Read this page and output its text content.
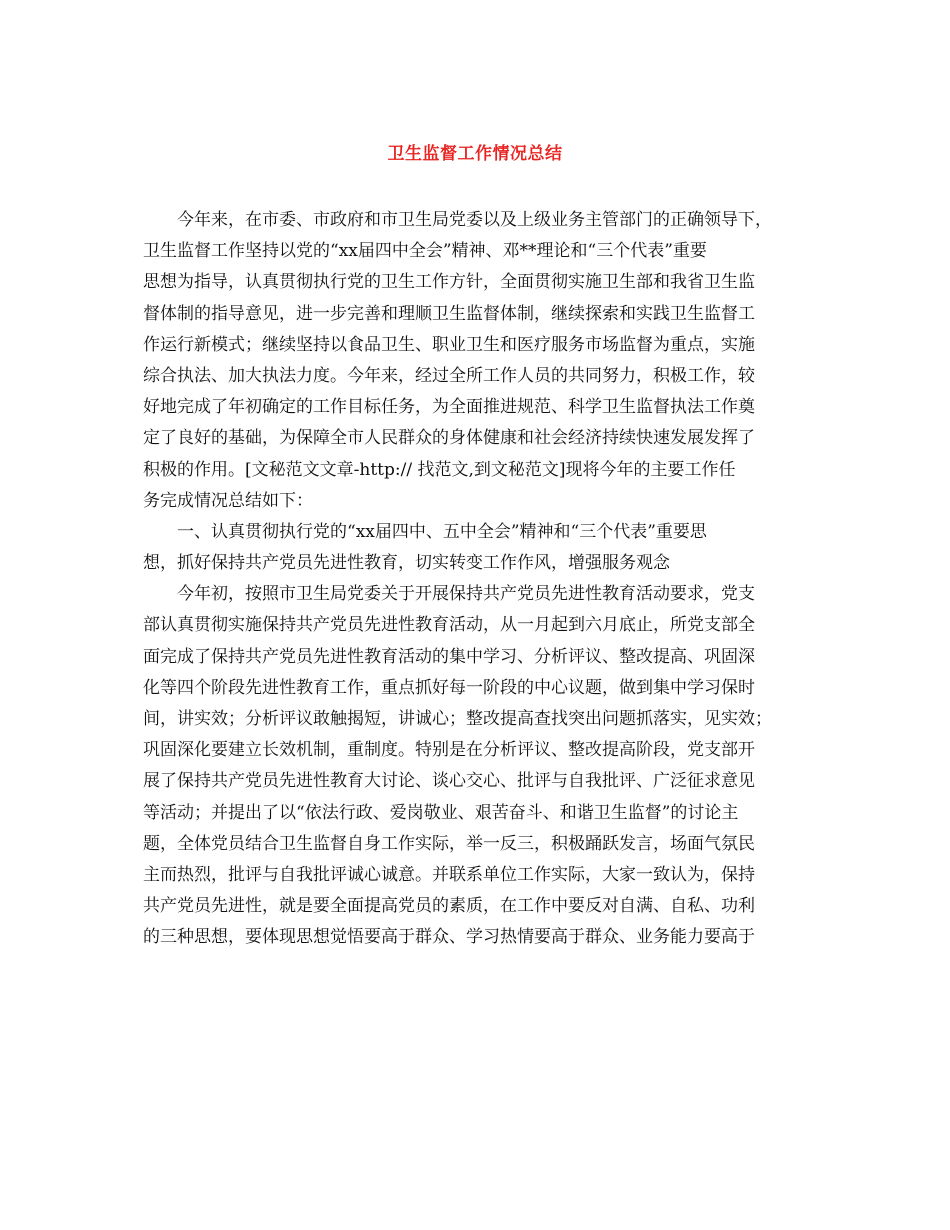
卫生监督工作情况总结
今年来，在市委、市政府和市卫生局党委以及上级业务主管部门的正确领导下，
卫生监督工作坚持以党的“xx届四中全会”精神、邓**理论和“三个代表”重要
思想为指导，认真贯彻执行党的卫生工作方针，全面贯彻实施卫生部和我省卫生监
督体制的指导意见，进一步完善和理顺卫生监督体制，继续探索和实践卫生监督工
作运行新模式；继续坚持以食品卫生、职业卫生和医疗服务市场监督为重点，实施
综合执法、加大执法力度。今年来，经过全所工作人员的共同努力，积极工作，较
好地完成了年初确定的工作目标任务，为全面推进规范、科学卫生监督执法工作奠
定了良好的基础，为保障全市人民群众的身体健康和社会经济持续快速发展发挥了
积极的作用。[文秘范文文章-http:// 找范文,到文秘范文]现将今年的主要工作任
务完成情况总结如下：
一、认真贯彻执行党的“xx届四中、五中全会”精神和“三个代表”重要思
想，抓好保持共产党员先进性教育，切实转变工作作风，增强服务观念
今年初，按照市卫生局党委关于开展保持共产党员先进性教育活动要求，党支
部认真贯彻实施保持共产党员先进性教育活动，从一月起到六月底止，所党支部全
面完成了保持共产党员先进性教育活动的集中学习、分析评议、整改提高、巩固深
化等四个阶段先进性教育工作，重点抓好每一阶段的中心议题，做到集中学习保时
间，讲实效；分析评议敢触揭短，讲诚心；整改提高查找突出问题抓落实，见实效；
巩固深化要建立长效机制，重制度。特别是在分析评议、整改提高阶段，党支部开
展了保持共产党员先进性教育大讨论、谈心交心、批评与自我批评、广泛征求意见
等活动；并提出了以“依法行政、爱岗敬业、艰苦奋斗、和谐卫生监督”的讨论主
题，全体党员结合卫生监督自身工作实际，举一反三，积极踊跃发言，场面气氛民
主而热烈，批评与自我批评诚心诚意。并联系单位工作实际，大家一致认为，保持
共产党员先进性，就是要全面提高党员的素质，在工作中要反对自满、自私、功利
的三种思想，要体现思想觉悟要高于群众、学习热情要高于群众、业务能力要高于
